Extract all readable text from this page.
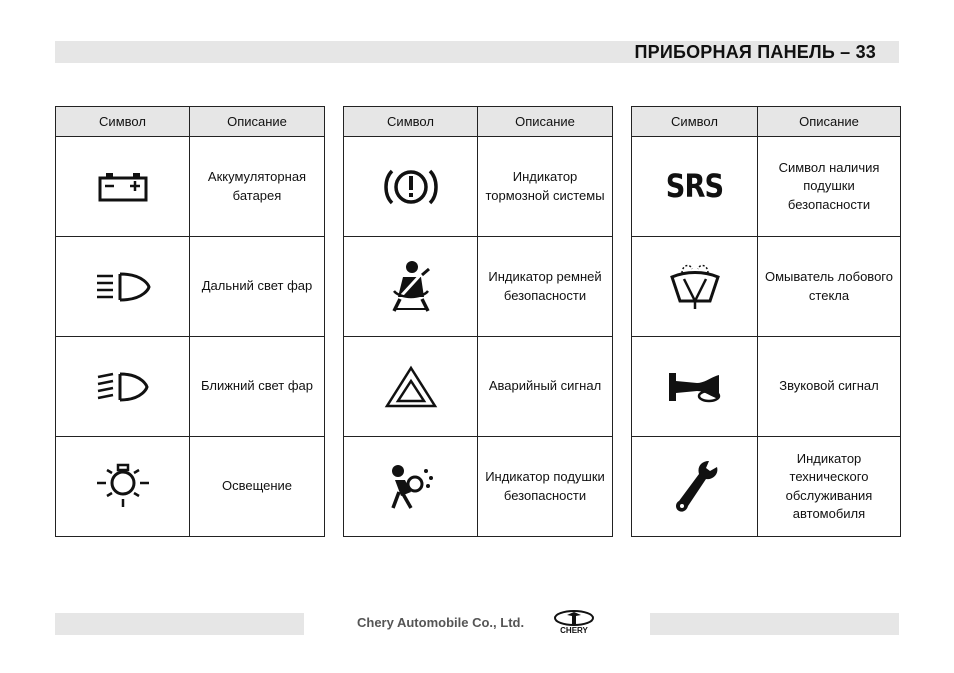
ПРИБОРНАЯ ПАНЕЛЬ – 33
Символ	Описание

	Аккумуляторная батарея

	Дальний свет фар

	Ближний свет фар

	Освещение
Символ	Описание

	Индикатор тормозной системы

	Индикатор ремней безопасности

	Аварийный сигнал

	Индикатор подушки безопасности
Символ	Описание

SRS	Символ наличия подушки безопасности

	Омыватель лобового стекла

	Звуковой сигнал

	Индикатор технического обслуживания автомобиля
Chery Automobile Co., Ltd.
CHERY
